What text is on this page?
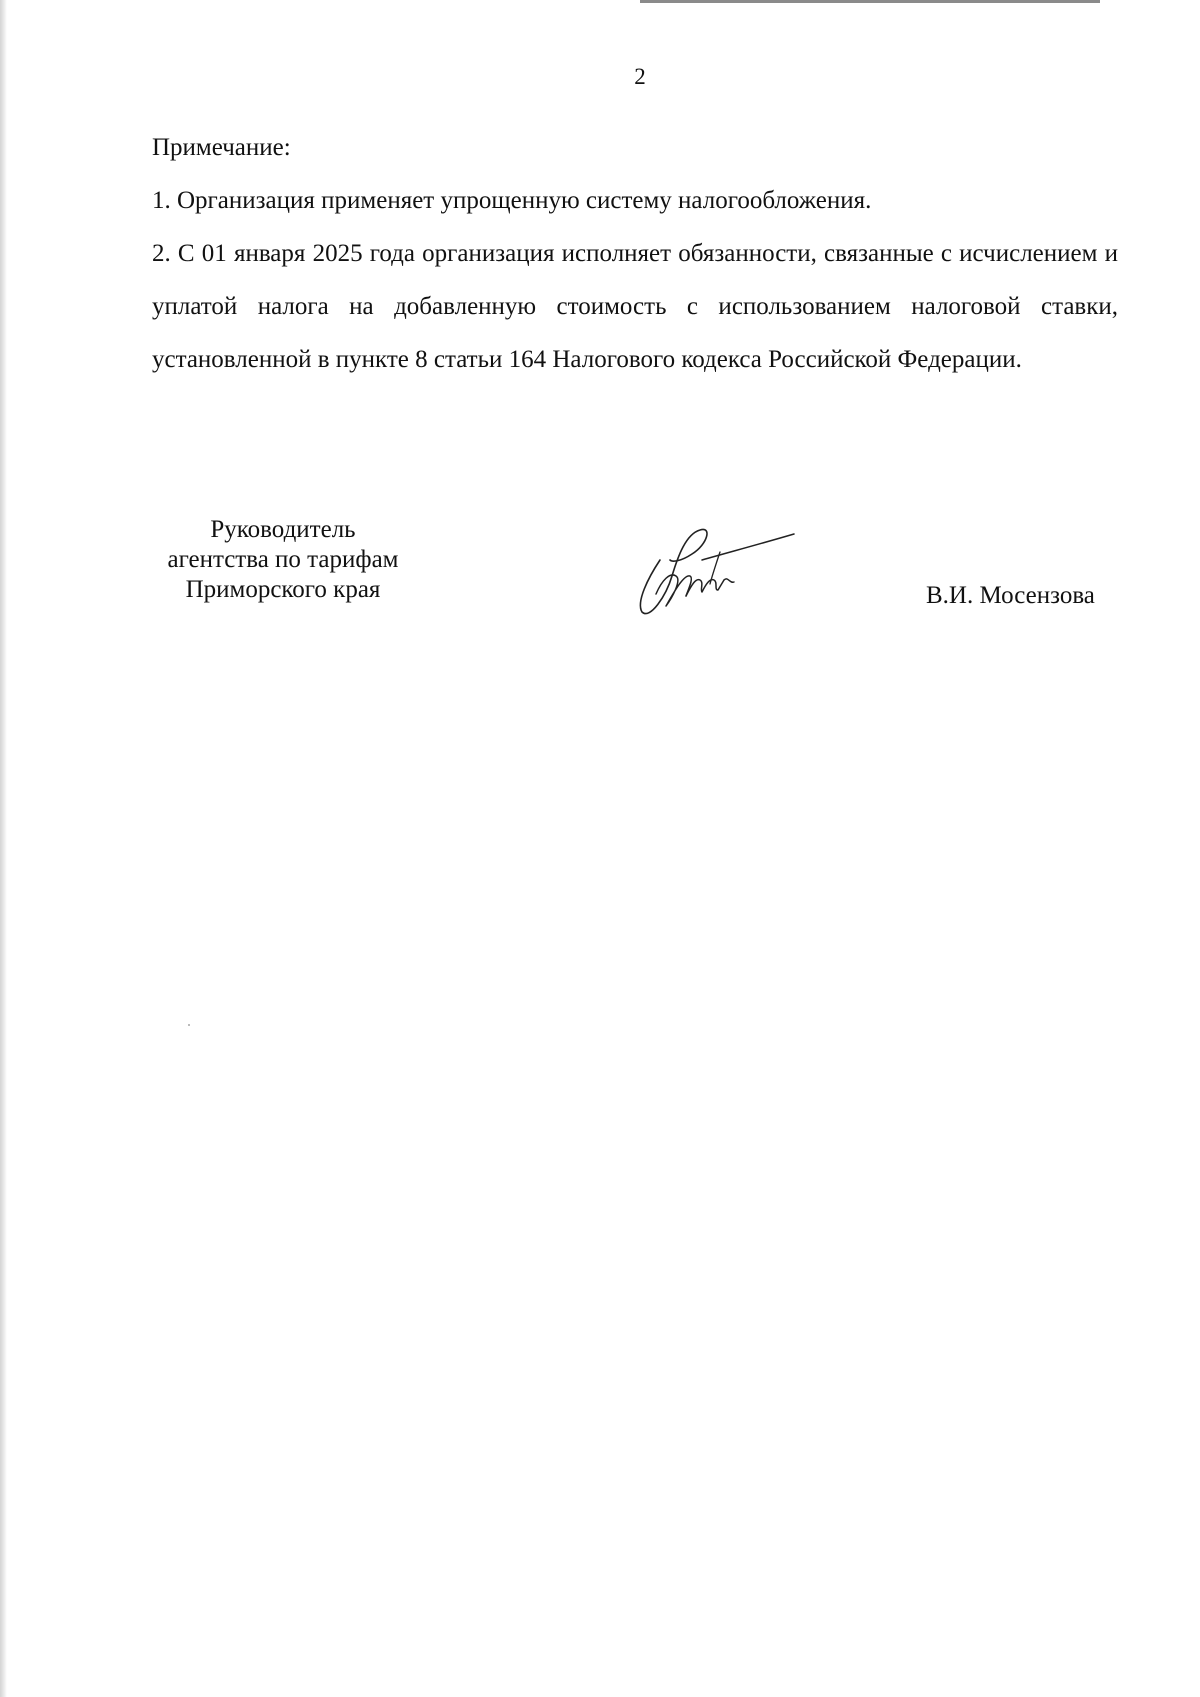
2

Примечание:

1. Организация применяет упрощенную систему налогообложения.

2. С 01 января 2025 года организация исполняет обязанности, связанные с исчислением и уплатой налога на добавленную стоимость с использованием налоговой ставки, установленной в пункте 8 статьи 164 Налогового кодекса Российской Федерации.

Руководитель
агентства по тарифам
Приморского края	В.И. Мосензова
